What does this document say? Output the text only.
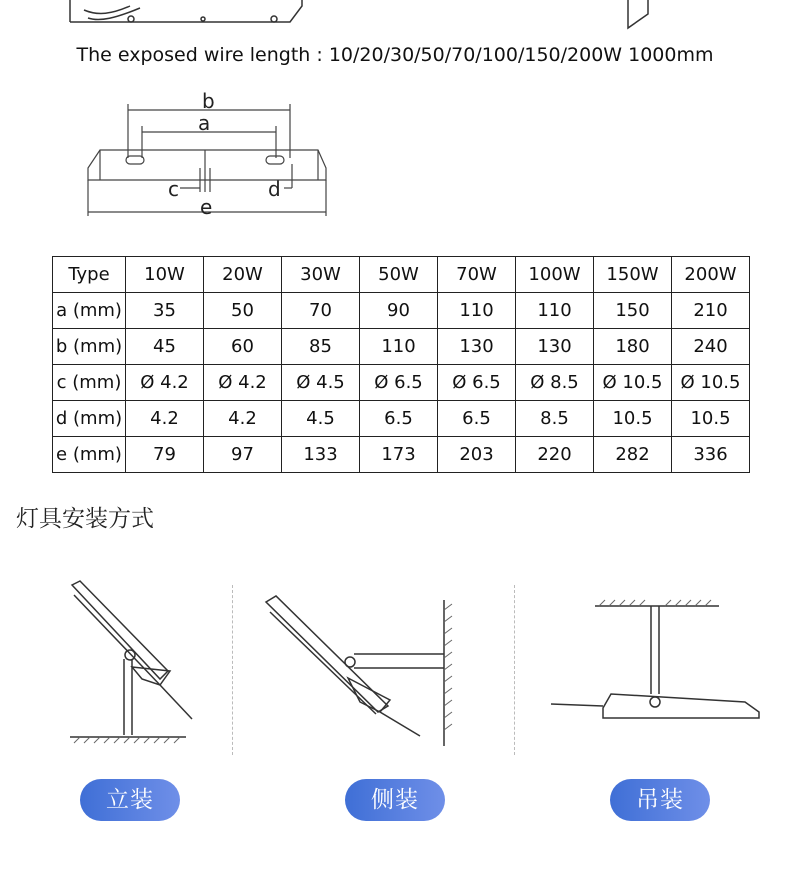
The exposed wire length : 10/20/30/50/70/100/150/200W 1000mm
b
a
c	d
e
Type	10W	20W	30W	50W	70W	100W	150W	200W
a (mm)	35	50	70	90	110	110	150	210
b (mm)	45	60	85	110	130	130	180	240
c (mm)	Ø 4.2	Ø 4.2	Ø 4.5	Ø 6.5	Ø 6.5	Ø 8.5	Ø 10.5	Ø 10.5
d (mm)	4.2	4.2	4.5	6.5	6.5	8.5	10.5	10.5
e (mm)	79	97	133	173	203	220	282	336
灯具安装方式
立装	侧装	吊装
